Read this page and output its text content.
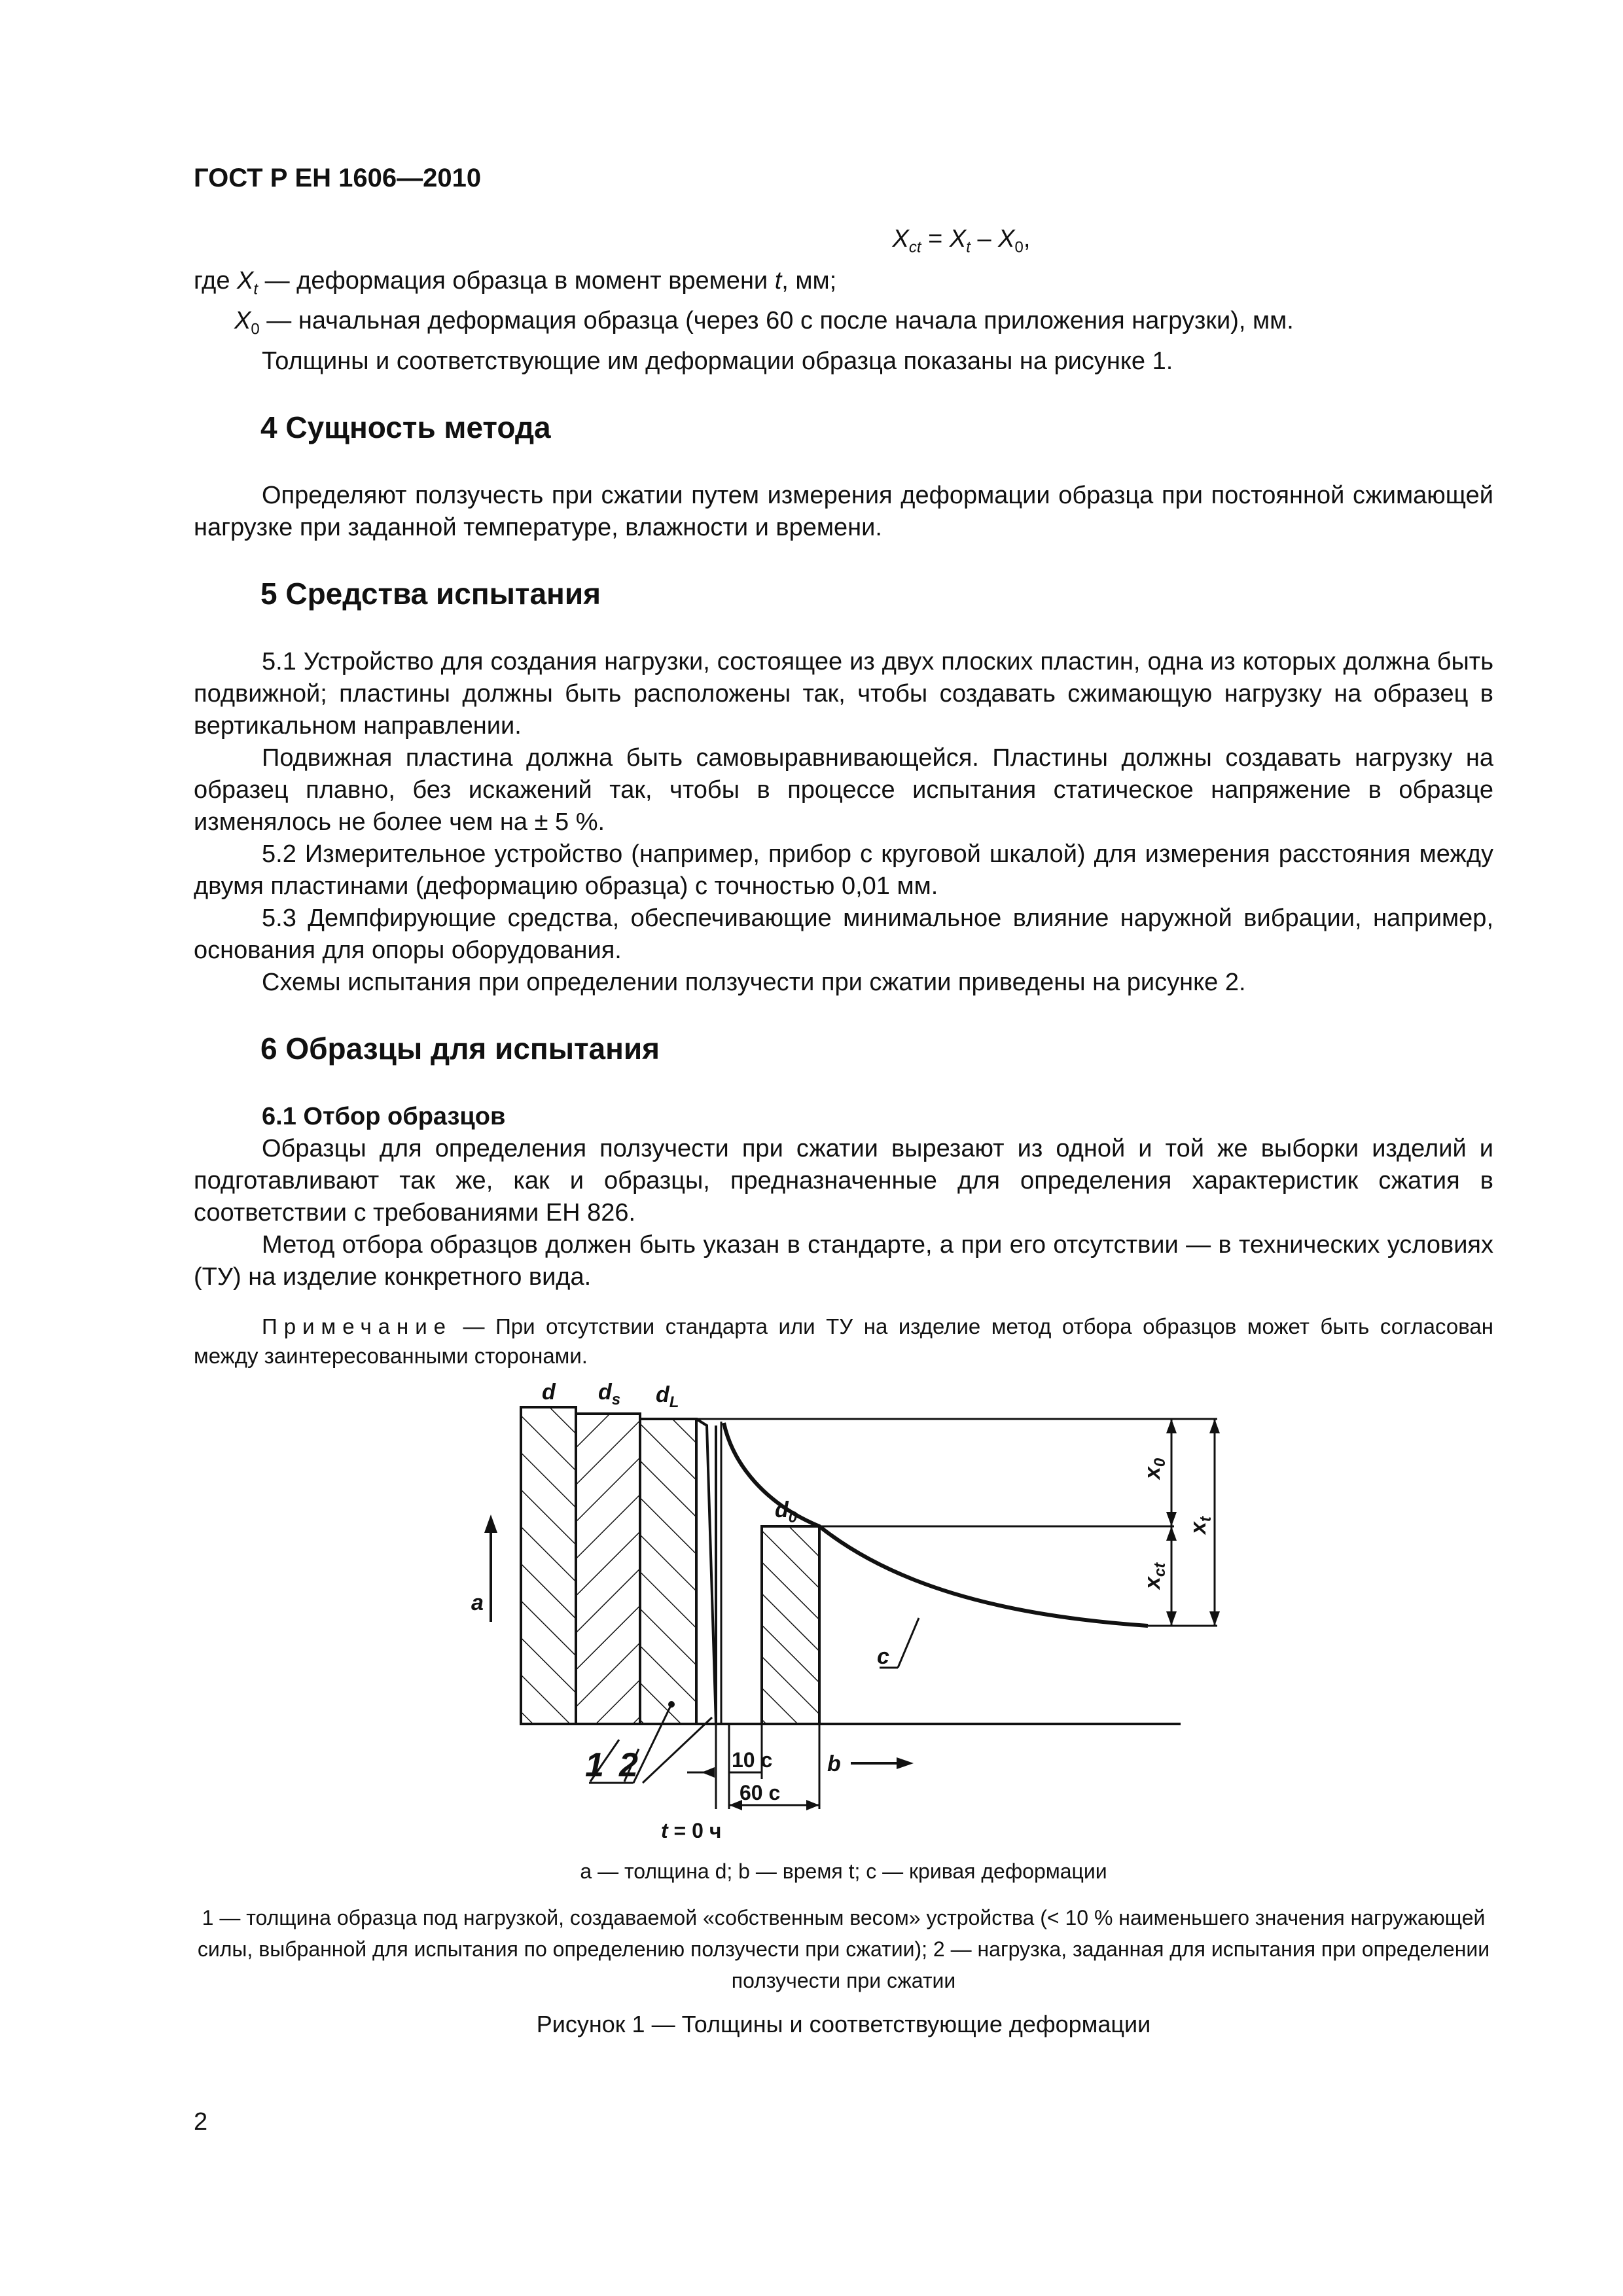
ГОСТ Р ЕН 1606—2010
$X_{ct} = X_t - X_0$,
где $X_t$ — деформация образца в момент времени t, мм;
$X_0$ — начальная деформация образца (через 60 с после начала приложения нагрузки), мм.
Толщины и соответствующие им деформации образца показаны на рисунке 1.
4 Сущность метода

Определяют ползучесть при сжатии путем измерения деформации образца при постоянной сжимающей нагрузке при заданной температуре, влажности и времени.

5 Средства испытания

5.1 Устройство для создания нагрузки, состоящее из двух плоских пластин, одна из которых должна быть подвижной; пластины должны быть расположены так, чтобы создавать сжимающую нагрузку на образец в вертикальном направлении.

Подвижная пластина должна быть самовыравнивающейся. Пластины должны создавать нагрузку на образец плавно, без искажений так, чтобы в процессе испытания статическое напряжение в образце изменялось не более чем на ± 5 %.

5.2 Измерительное устройство (например, прибор с круговой шкалой) для измерения расстояния между двумя пластинами (деформацию образца) с точностью 0,01 мм.

5.3 Демпфирующие средства, обеспечивающие минимальное влияние наружной вибрации, например, основания для опоры оборудования.

Схемы испытания при определении ползучести при сжатии приведены на рисунке 2.

6 Образцы для испытания
6.1 Отбор образцов

Образцы для определения ползучести при сжатии вырезают из одной и той же выборки изделий и подготавливают так же, как и образцы, предназначенные для определения характеристик сжатия в соответствии с требованиями ЕН 826.

Метод отбора образцов должен быть указан в стандарте, а при его отсутствии — в технических условиях (ТУ) на изделие конкретного вида.

Примечание — При отсутствии стандарта или ТУ на изделие метод отбора образцов может быть согласован между заинтересованными сторонами.
d $d_s$ $d_L$
$d_0$
a
b
c
1 2
$x_0$
$x_{ct}$
$x_t$
10 с
60 с
t = 0 ч
a — толщина d; b — время t; c — кривая деформации
1 — толщина образца под нагрузкой, создаваемой «собственным весом» устройства (< 10 % наименьшего значения нагружающей силы, выбранной для испытания по определению ползучести при сжатии); 2 — нагрузка, заданная для испытания при определении ползучести при сжатии
Рисунок 1 — Толщины и соответствующие деформации
2
